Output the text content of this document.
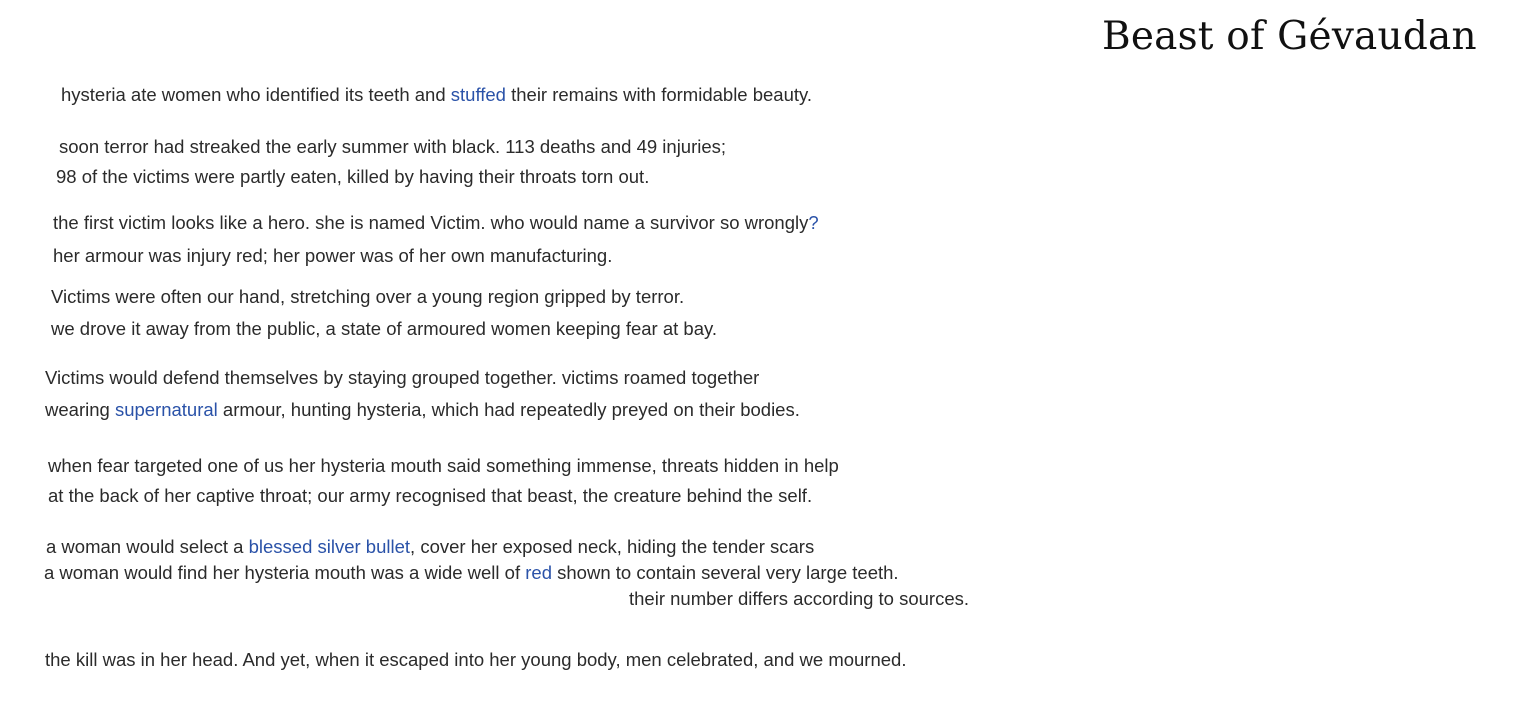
Beast of Gévaudan
hysteria ate women who identified its teeth and stuffed their remains with formidable beauty.
soon terror had streaked the early summer with black. 113 deaths and 49 injuries;
98 of the victims were partly eaten, killed by having their throats torn out.
the first victim looks like a hero. she is named Victim. who would name a survivor so wrongly?
her armour was injury red; her power was of her own manufacturing.
Victims were often our hand, stretching over a young region gripped by terror.
we drove it away from the public, a state of armoured women keeping fear at bay.
Victims would defend themselves by staying grouped together. victims roamed together
wearing supernatural armour, hunting hysteria, which had repeatedly preyed on their bodies.
when fear targeted one of us her hysteria mouth said something immense, threats hidden in help
at the back of her captive throat; our army recognised that beast, the creature behind the self.
a woman would select a blessed silver bullet, cover her exposed neck, hiding the tender scars
a woman would find her hysteria mouth was a wide well of red shown to contain several very large teeth.
their number differs according to sources.
the kill was in her head. And yet, when it escaped into her young body, men celebrated, and we mourned.
